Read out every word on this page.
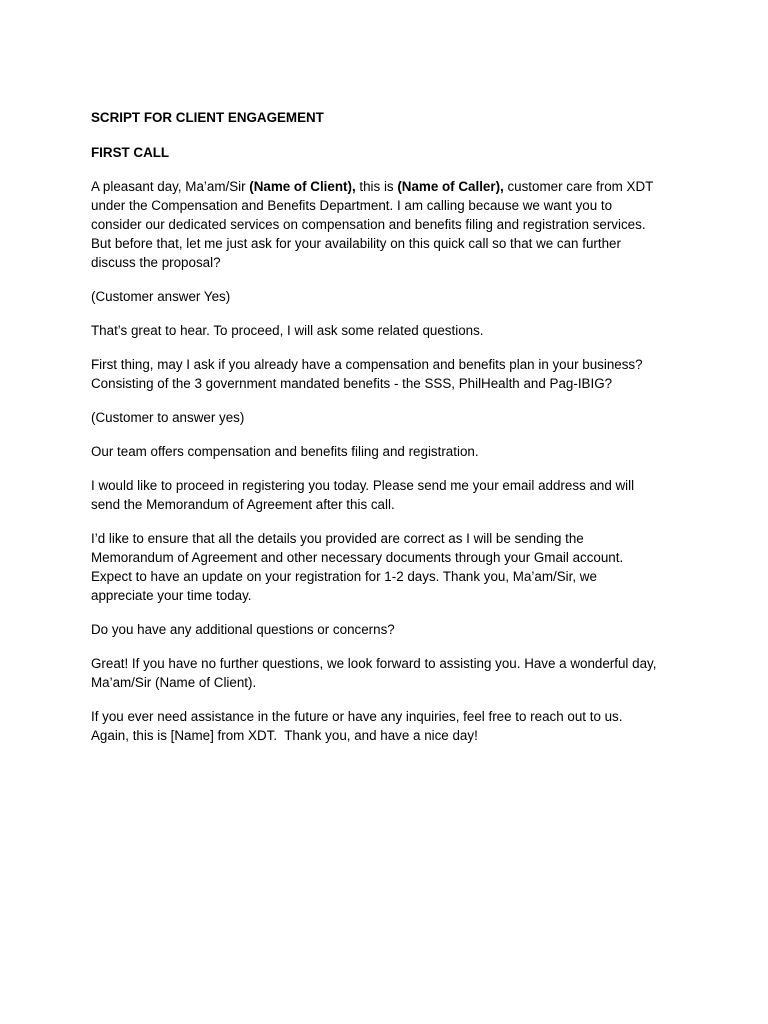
SCRIPT FOR CLIENT ENGAGEMENT
FIRST CALL
A pleasant day, Ma’am/Sir (Name of Client), this is (Name of Caller), customer care from XDT
under the Compensation and Benefits Department. I am calling because we want you to
consider our dedicated services on compensation and benefits filing and registration services.
But before that, let me just ask for your availability on this quick call so that we can further
discuss the proposal?
(Customer answer Yes)
That’s great to hear. To proceed, I will ask some related questions.
First thing, may I ask if you already have a compensation and benefits plan in your business?
Consisting of the 3 government mandated benefits - the SSS, PhilHealth and Pag-IBIG?
(Customer to answer yes)
Our team offers compensation and benefits filing and registration.
I would like to proceed in registering you today. Please send me your email address and will
send the Memorandum of Agreement after this call.
I’d like to ensure that all the details you provided are correct as I will be sending the
Memorandum of Agreement and other necessary documents through your Gmail account.
Expect to have an update on your registration for 1-2 days. Thank you, Ma’am/Sir, we
appreciate your time today.
Do you have any additional questions or concerns?
Great! If you have no further questions, we look forward to assisting you. Have a wonderful day,
Ma’am/Sir (Name of Client).
If you ever need assistance in the future or have any inquiries, feel free to reach out to us.
Again, this is [Name] from XDT.  Thank you, and have a nice day!
